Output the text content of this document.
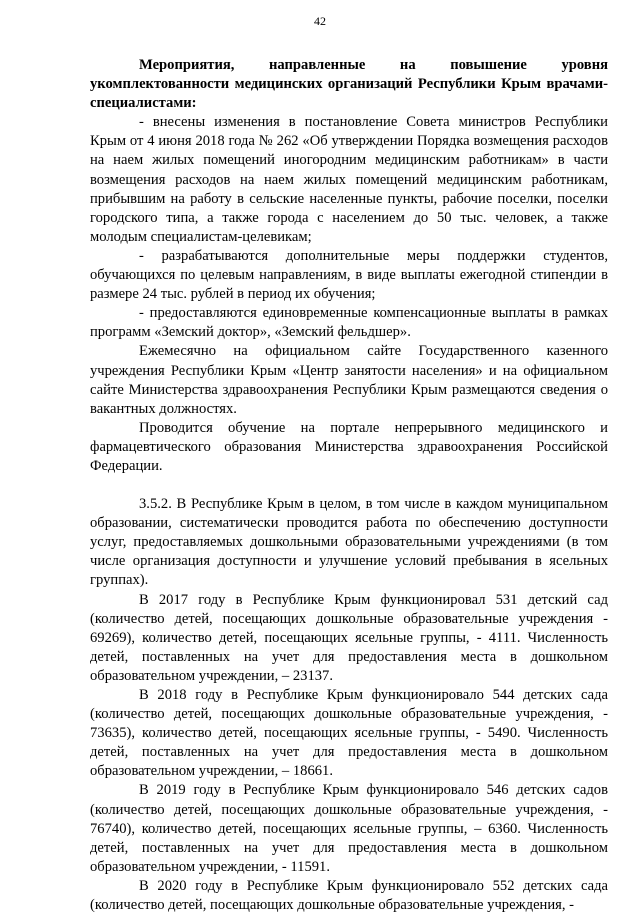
42

Мероприятия, направленные на повышение уровня укомплектованности медицинских организаций Республики Крым врачами-специалистами:

- внесены изменения в постановление Совета министров Республики Крым от 4 июня 2018 года № 262 «Об утверждении Порядка возмещения расходов на наем жилых помещений иногородним медицинским работникам» в части возмещения расходов на наем жилых помещений медицинским работникам, прибывшим на работу в сельские населенные пункты, рабочие поселки, поселки городского типа, а также города с населением до 50 тыс. человек, а также молодым специалистам-целевикам;

- разрабатываются дополнительные меры поддержки студентов, обучающихся по целевым направлениям, в виде выплаты ежегодной стипендии в размере 24 тыс. рублей в период их обучения;

- предоставляются единовременные компенсационные выплаты в рамках программ «Земский доктор», «Земский фельдшер».

Ежемесячно на официальном сайте Государственного казенного учреждения Республики Крым «Центр занятости населения» и на официальном сайте Министерства здравоохранения Республики Крым размещаются сведения о вакантных должностях.

Проводится обучение на портале непрерывного медицинского и фармацевтического образования Министерства здравоохранения Российской Федерации.

3.5.2. В Республике Крым в целом, в том числе в каждом муниципальном образовании, систематически проводится работа по обеспечению доступности услуг, предоставляемых дошкольными образовательными учреждениями (в том числе организация доступности и улучшение условий пребывания в ясельных группах).

В 2017 году в Республике Крым функционировал 531 детский сад (количество детей, посещающих дошкольные образовательные учреждения - 69269), количество детей, посещающих ясельные группы, - 4111. Численность детей, поставленных на учет для предоставления места в дошкольном образовательном учреждении, – 23137.

В 2018 году в Республике Крым функционировало 544 детских сада (количество детей, посещающих дошкольные образовательные учреждения, - 73635), количество детей, посещающих ясельные группы, - 5490. Численность детей, поставленных на учет для предоставления места в дошкольном образовательном учреждении, – 18661.

В 2019 году в Республике Крым функционировало 546 детских садов (количество детей, посещающих дошкольные образовательные учреждения, - 76740), количество детей, посещающих ясельные группы, – 6360. Численность детей, поставленных на учет для предоставления места в дошкольном образовательном учреждении, - 11591.

В 2020 году в Республике Крым функционировало 552 детских сада (количество детей, посещающих дошкольные образовательные учреждения, -
